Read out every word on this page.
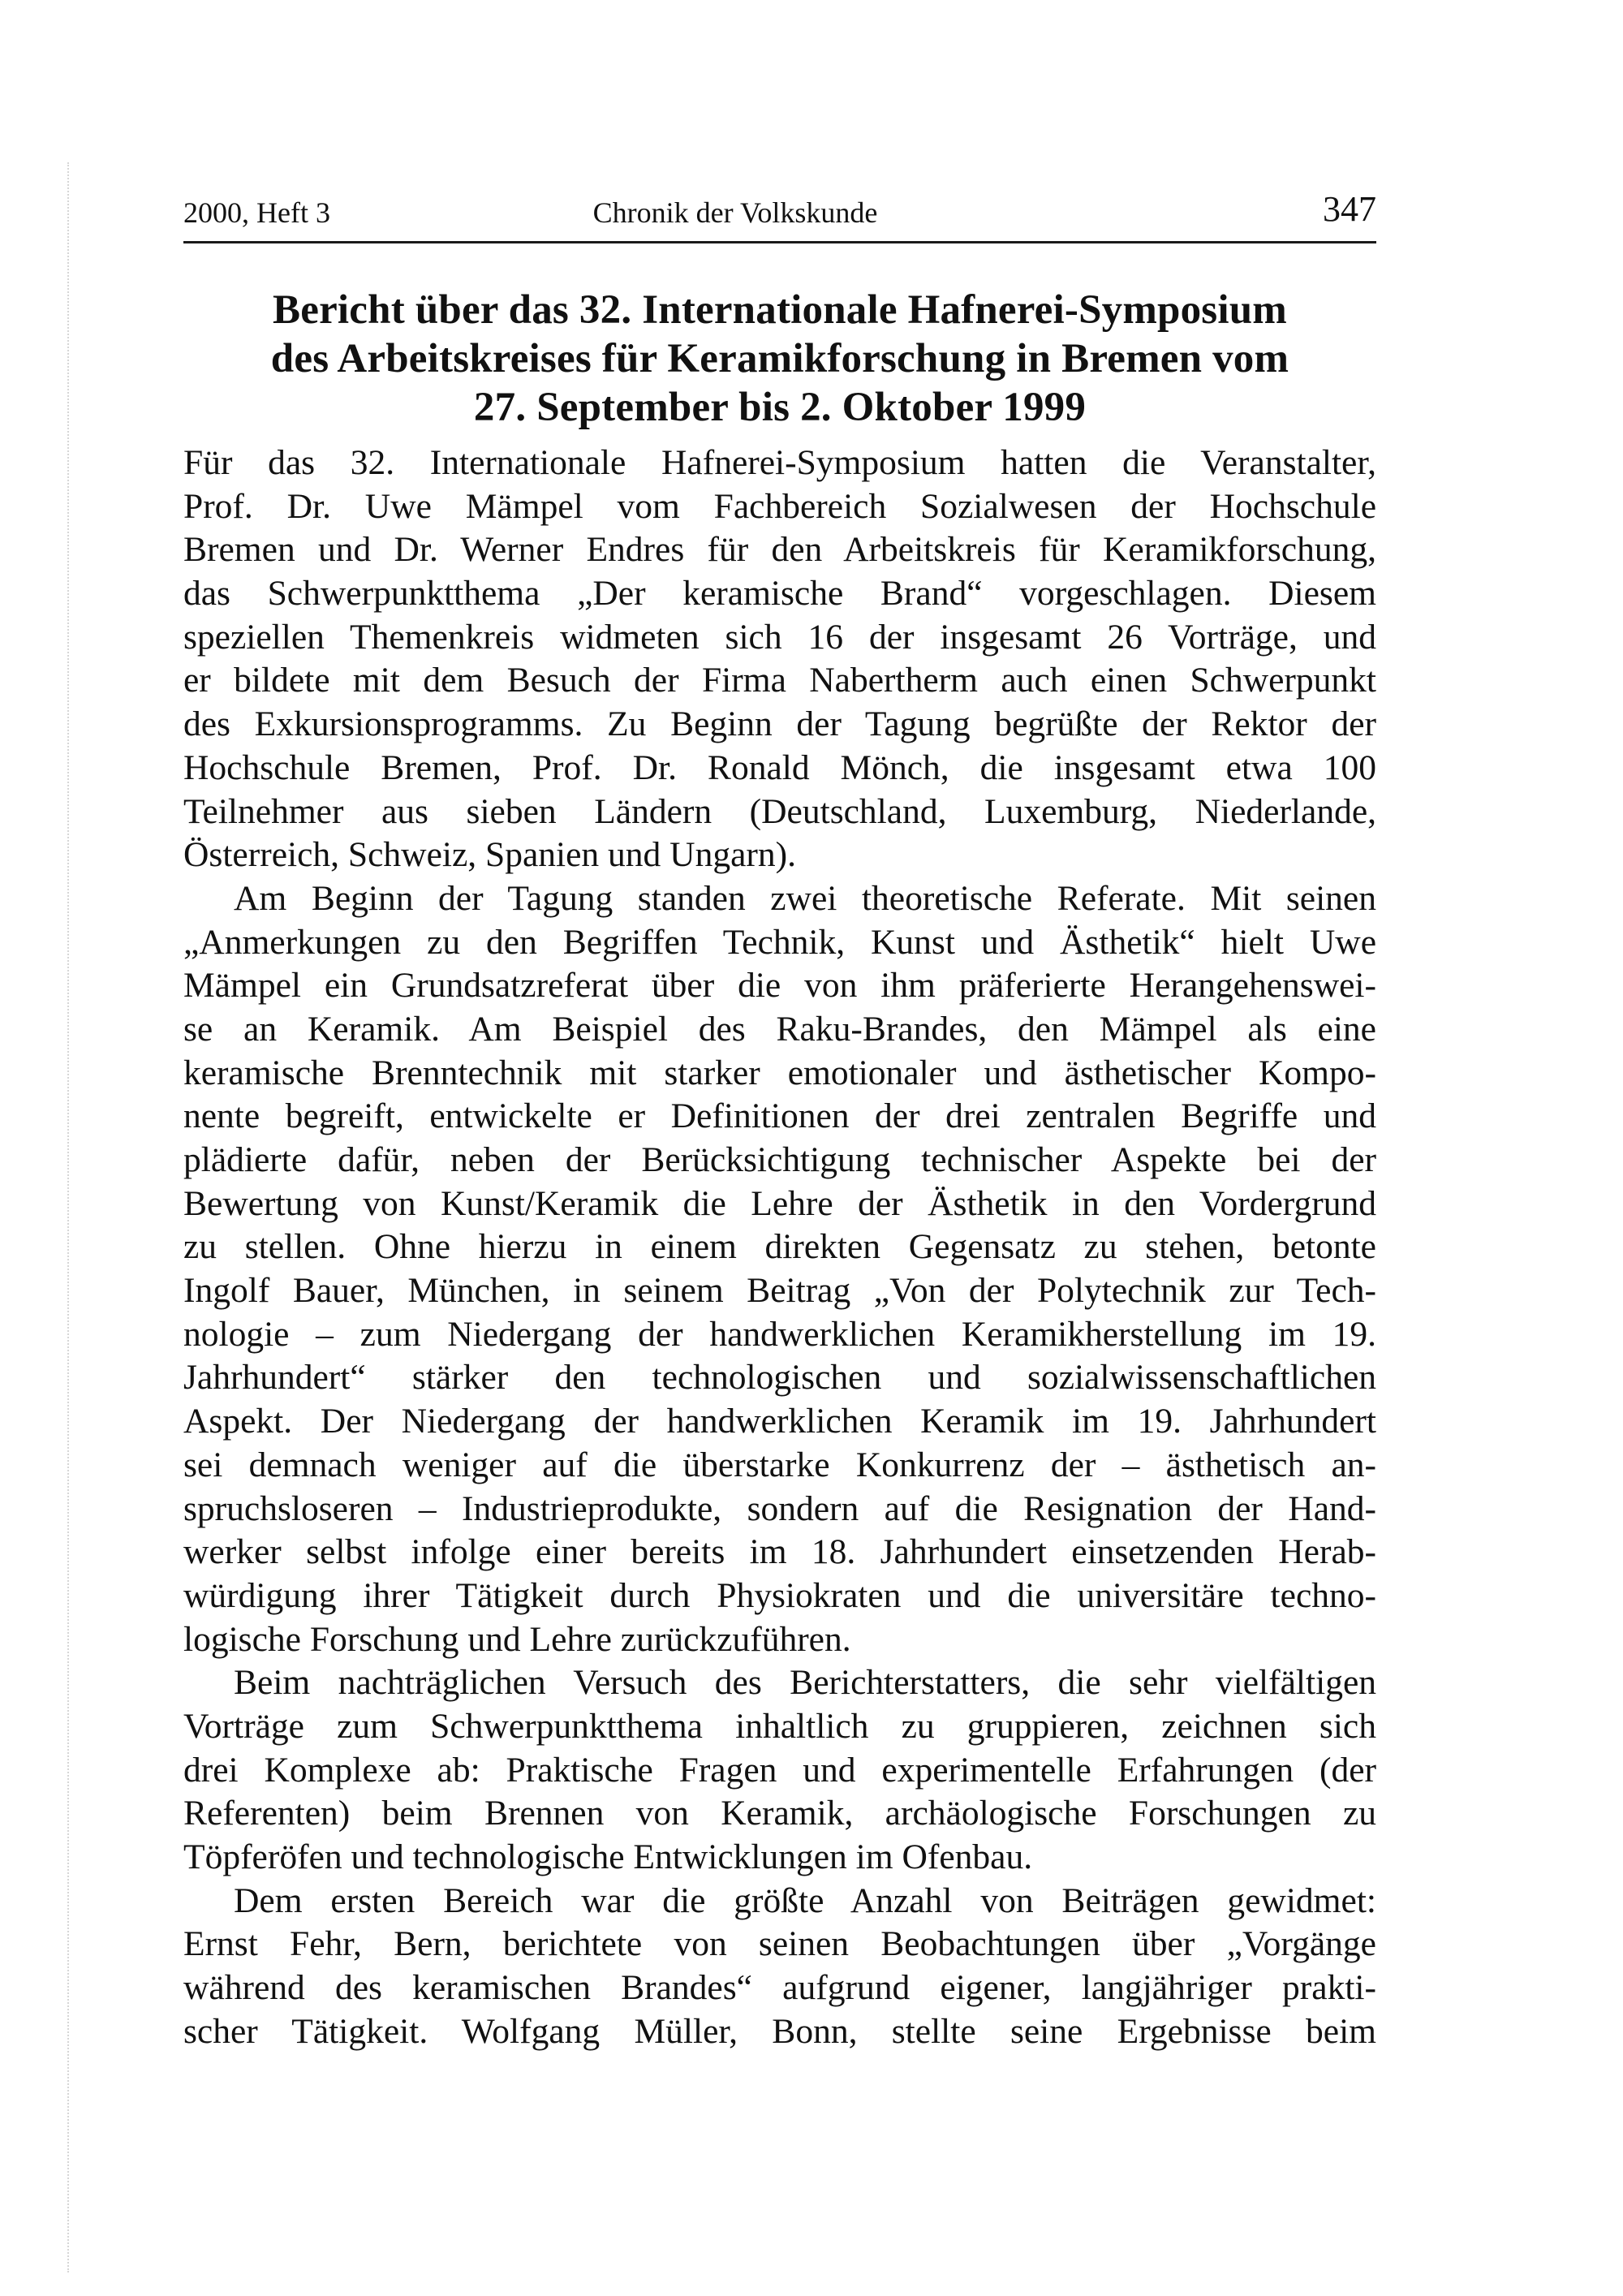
2000, Heft 3	Chronik der Volkskunde	347
Bericht über das 32. Internationale Hafnerei-Symposium
des Arbeitskreises für Keramikforschung in Bremen vom
27. September bis 2. Oktober 1999
Für das 32. Internationale Hafnerei-Symposium hatten die Veranstalter,
Prof. Dr. Uwe Mämpel vom Fachbereich Sozialwesen der Hochschule
Bremen und Dr. Werner Endres für den Arbeitskreis für Keramikforschung,
das Schwerpunktthema „Der keramische Brand“ vorgeschlagen. Diesem
speziellen Themenkreis widmeten sich 16 der insgesamt 26 Vorträge, und
er bildete mit dem Besuch der Firma Nabertherm auch einen Schwerpunkt
des Exkursionsprogramms. Zu Beginn der Tagung begrüßte der Rektor der
Hochschule Bremen, Prof. Dr. Ronald Mönch, die insgesamt etwa 100
Teilnehmer aus sieben Ländern (Deutschland, Luxemburg, Niederlande,
Österreich, Schweiz, Spanien und Ungarn).
Am Beginn der Tagung standen zwei theoretische Referate. Mit seinen
„Anmerkungen zu den Begriffen Technik, Kunst und Ästhetik“ hielt Uwe
Mämpel ein Grundsatzreferat über die von ihm präferierte Herangehenswei-
se an Keramik. Am Beispiel des Raku-Brandes, den Mämpel als eine
keramische Brenntechnik mit starker emotionaler und ästhetischer Kompo-
nente begreift, entwickelte er Definitionen der drei zentralen Begriffe und
plädierte dafür, neben der Berücksichtigung technischer Aspekte bei der
Bewertung von Kunst/Keramik die Lehre der Ästhetik in den Vordergrund
zu stellen. Ohne hierzu in einem direkten Gegensatz zu stehen, betonte
Ingolf Bauer, München, in seinem Beitrag „Von der Polytechnik zur Tech-
nologie – zum Niedergang der handwerklichen Keramikherstellung im 19.
Jahrhundert“ stärker den technologischen und sozialwissenschaftlichen
Aspekt. Der Niedergang der handwerklichen Keramik im 19. Jahrhundert
sei demnach weniger auf die überstarke Konkurrenz der – ästhetisch an-
spruchsloseren – Industrieprodukte, sondern auf die Resignation der Hand-
werker selbst infolge einer bereits im 18. Jahrhundert einsetzenden Herab-
würdigung ihrer Tätigkeit durch Physiokraten und die universitäre techno-
logische Forschung und Lehre zurückzuführen.
Beim nachträglichen Versuch des Berichterstatters, die sehr vielfältigen
Vorträge zum Schwerpunktthema inhaltlich zu gruppieren, zeichnen sich
drei Komplexe ab: Praktische Fragen und experimentelle Erfahrungen (der
Referenten) beim Brennen von Keramik, archäologische Forschungen zu
Töpferöfen und technologische Entwicklungen im Ofenbau.
Dem ersten Bereich war die größte Anzahl von Beiträgen gewidmet:
Ernst Fehr, Bern, berichtete von seinen Beobachtungen über „Vorgänge
während des keramischen Brandes“ aufgrund eigener, langjähriger prakti-
scher Tätigkeit. Wolfgang Müller, Bonn, stellte seine Ergebnisse beim
